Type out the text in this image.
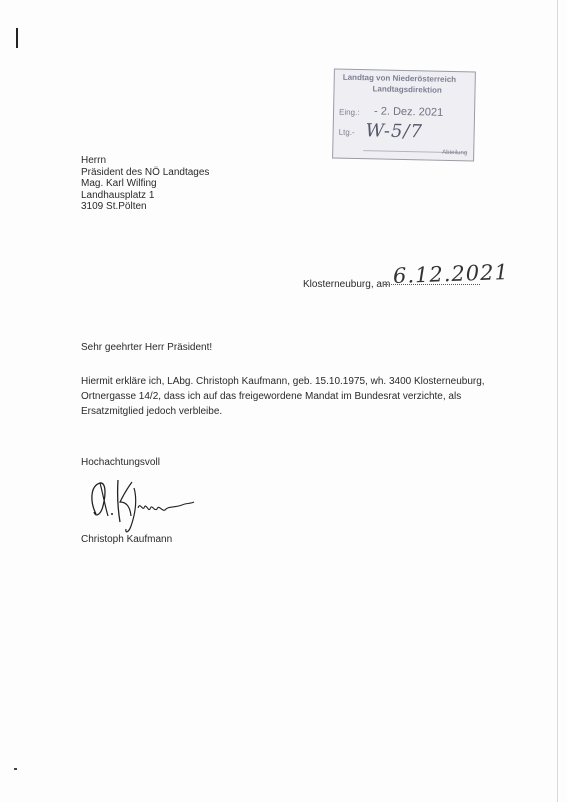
Landtag von Niederösterreich
Landtagsdirektion
Eing.: - 2. Dez. 2021
Ltg.- W-5/7
Abteilung
Herrn
Präsident des NÖ Landtages
Mag. Karl Wilfing
Landhausplatz 1
3109 St.Pölten
Klosterneuburg, am 6.12.2021
Sehr geehrter Herr Präsident!
Hiermit erkläre ich, LAbg. Christoph Kaufmann, geb. 15.10.1975, wh. 3400 Klosterneuburg, Ortnergasse 14/2, dass ich auf das freigewordene Mandat im Bundesrat verzichte, als Ersatzmitglied jedoch verbleibe.
Hochachtungsvoll
Christoph Kaufmann
